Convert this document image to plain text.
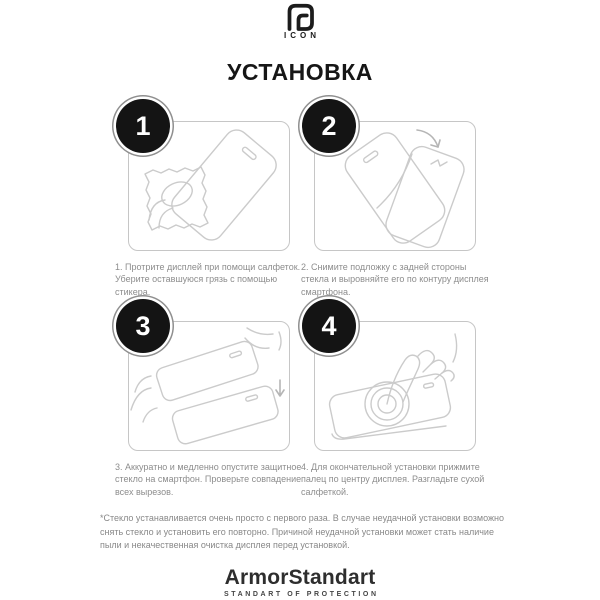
ICON
УСТАНОВКА
1

1. Протрите дисплей при помощи салфеток. Уберите оставшуюся грязь с помощью стикера.

2

2. Снимите подложку с задней стороны стекла и выровняйте его по контуру дисплея смартфона.

3

3. Аккуратно и медленно опустите защитное стекло на смартфон. Проверьте совпадение всех вырезов.

4

4. Для окончательной установки прижмите палец по центру дисплея. Разгладьте сухой салфеткой.

*Стекло устанавливается очень просто с первого раза. В случае неудачной установки возможно снять стекло и установить его повторно. Причиной неудачной установки может стать наличие пыли и некачественная очистка дисплея перед установкой.

ArmorStandart
STANDART OF PROTECTION
